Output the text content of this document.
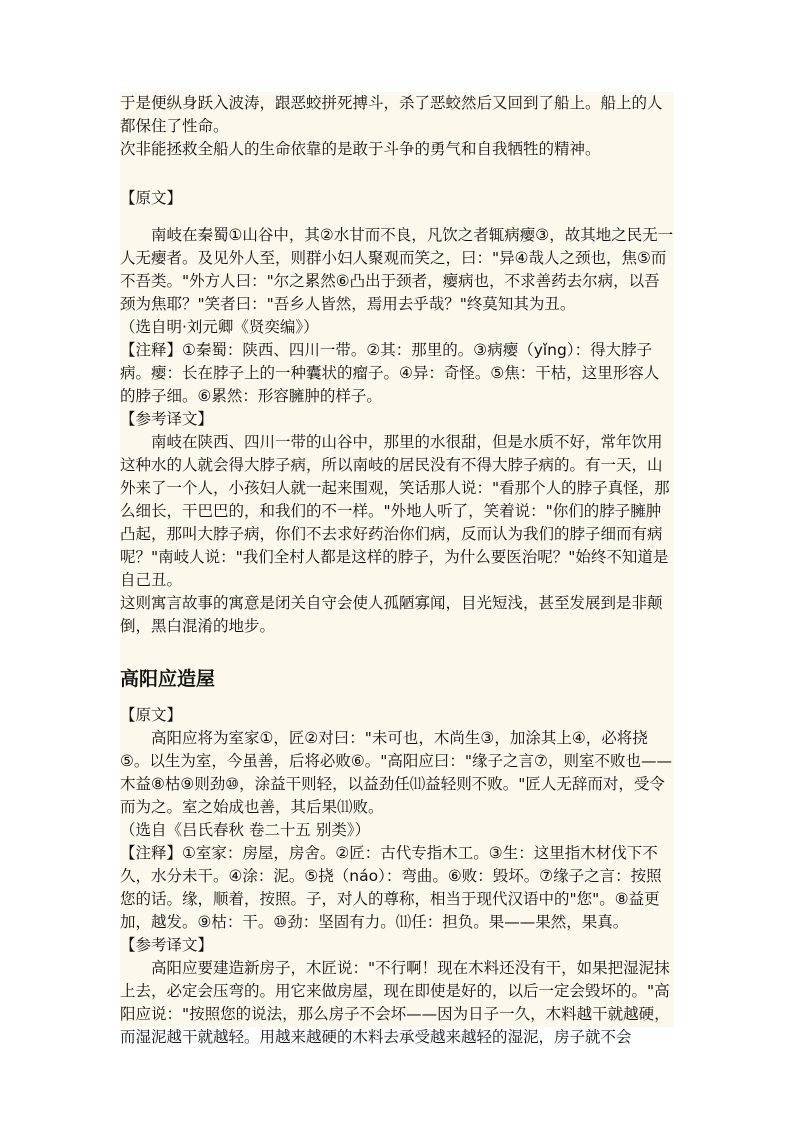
于是便纵身跃入波涛，跟恶蛟拼死搏斗，杀了恶蛟然后又回到了船上。船上的人都保住了性命。

次非能拯救全船人的生命依靠的是敢于斗争的勇气和自我牺牲的精神。

【原文】

南岐在秦蜀①山谷中，其②水甘而不良，凡饮之者辄病瘿③，故其地之民无一人无瘿者。及见外人至，则群小妇人聚观而笑之，曰："异④哉人之颈也，焦⑤而不吾类。"外方人曰："尔之累然⑥凸出于颈者，瘿病也，不求善药去尔病，以吾颈为焦耶？"笑者曰："吾乡人皆然，焉用去乎哉？"终莫知其为丑。

（选自明·刘元卿《贤奕编》）

【注释】①秦蜀：陕西、四川一带。②其：那里的。③病瘿（yǐng）：得大脖子病。瘿：长在脖子上的一种囊状的瘤子。④异：奇怪。⑤焦：干枯，这里形容人的脖子细。⑥累然：形容臃肿的样子。

【参考译文】

南岐在陕西、四川一带的山谷中，那里的水很甜，但是水质不好，常年饮用这种水的人就会得大脖子病，所以南岐的居民没有不得大脖子病的。有一天，山外来了一个人，小孩妇人就一起来围观，笑话那人说："看那个人的脖子真怪，那么细长，干巴巴的，和我们的不一样。"外地人听了，笑着说："你们的脖子臃肿凸起，那叫大脖子病，你们不去求好药治你们病，反而认为我们的脖子细而有病呢？"南岐人说："我们全村人都是这样的脖子，为什么要医治呢？"始终不知道是自己丑。

这则寓言故事的寓意是闭关自守会使人孤陋寡闻，目光短浅，甚至发展到是非颠倒，黑白混淆的地步。

高阳应造屋

【原文】

高阳应将为室家①，匠②对曰："未可也，木尚生③，加涂其上④，必将挠⑤。以生为室，今虽善，后将必败⑥。"高阳应曰："缘子之言⑦，则室不败也——木益⑧枯⑨则劲⑩，涂益干则轻，以益劲任⑾益轻则不败。"匠人无辞而对，受令而为之。室之始成也善，其后果⑾败。

（选自《吕氏春秋 卷二十五 别类》）

【注释】①室家：房屋，房舍。②匠：古代专指木工。③生：这里指木材伐下不久，水分未干。④涂：泥。⑤挠（náo）：弯曲。⑥败：毁坏。⑦缘子之言：按照您的话。缘，顺着，按照。子，对人的尊称，相当于现代汉语中的"您"。⑧益更加，越发。⑨枯：干。⑩劲：坚固有力。⑾任：担负。果——果然，果真。

【参考译文】

高阳应要建造新房子，木匠说："不行啊！现在木料还没有干，如果把湿泥抹上去，必定会压弯的。用它来做房屋，现在即使是好的，以后一定会毁坏的。"高阳应说："按照您的说法，那么房子不会坏——因为日子一久，木料越干就越硬，而湿泥越干就越轻。用越来越硬的木料去承受越来越轻的湿泥，房子就不会
